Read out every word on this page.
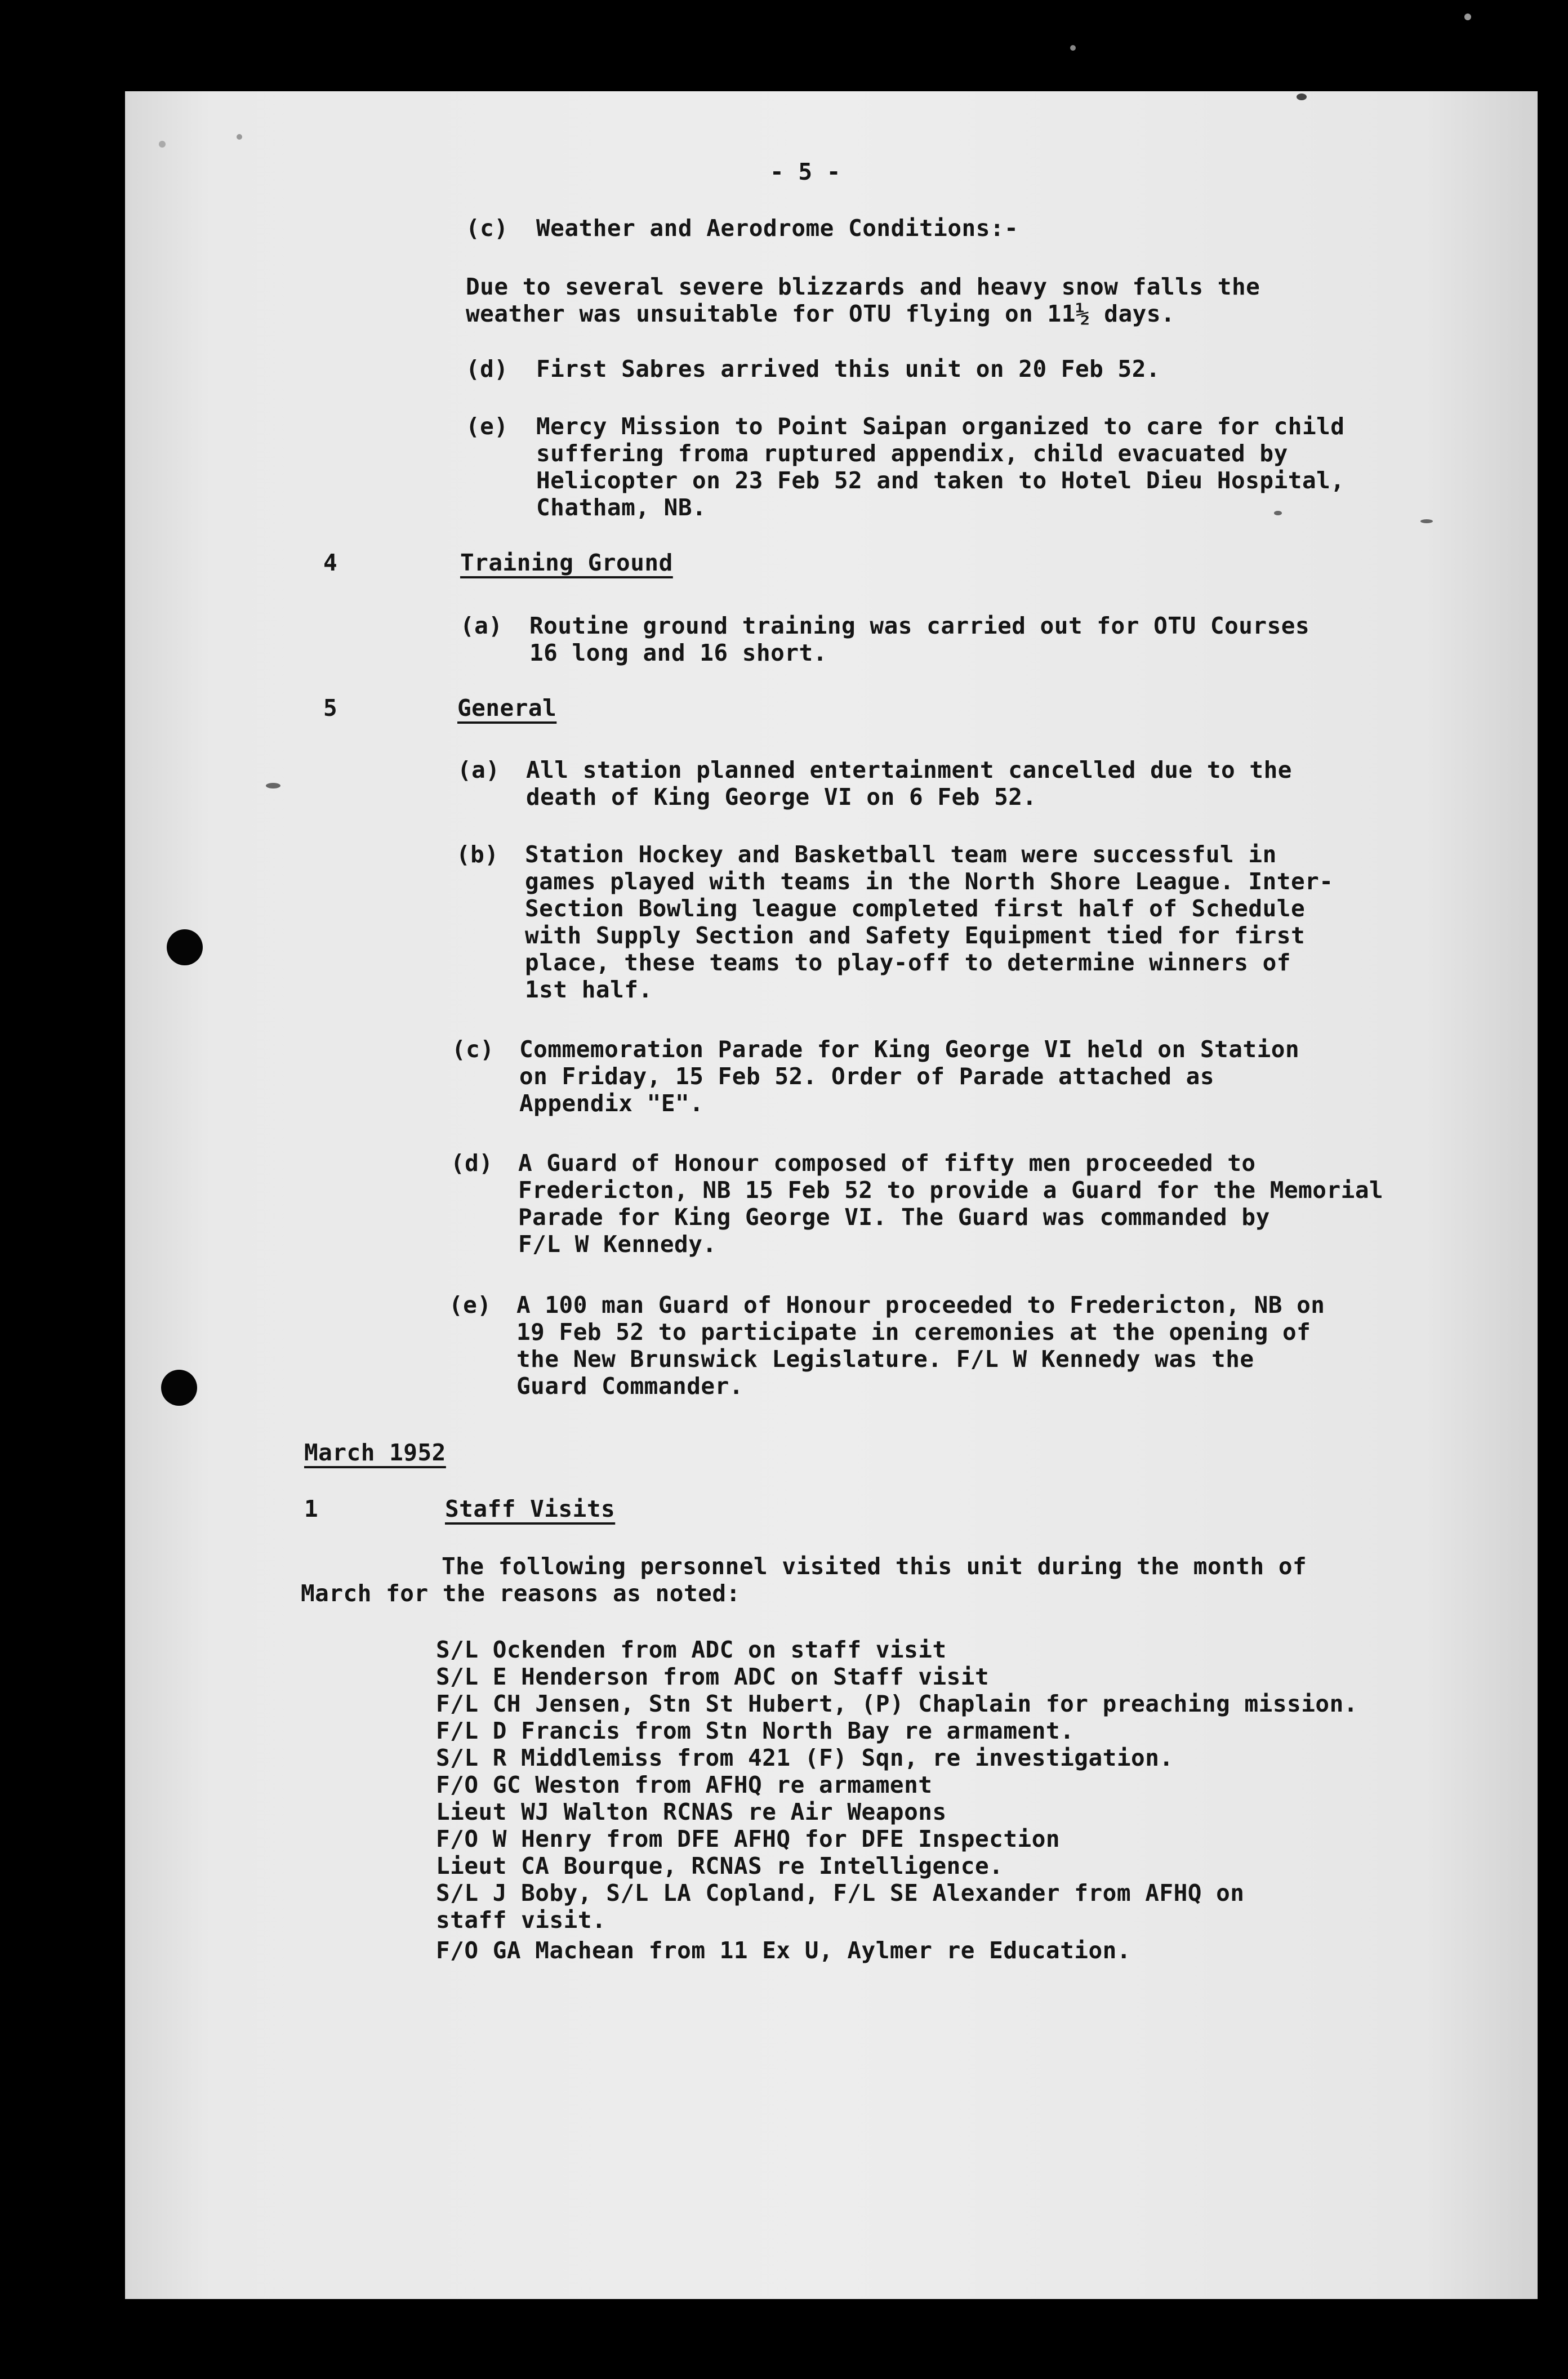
- 5 -
(c) Weather and Aerodrome Conditions:-
Due to several severe blizzards and heavy snow falls the
weather was unsuitable for OTU flying on 11½ days.
(d) First Sabres arrived this unit on 20 Feb 52.
(e) Mercy Mission to Point Saipan organized to care for child
suffering froma ruptured appendix, child evacuated by
Helicopter on 23 Feb 52 and taken to Hotel Dieu Hospital,
Chatham, NB.
4	Training Ground
(a) Routine ground training was carried out for OTU Courses
16 long and 16 short.
5	General
(a) All station planned entertainment cancelled due to the
death of King George VI on 6 Feb 52.
(b) Station Hockey and Basketball team were successful in
games played with teams in the North Shore League. Inter-
Section Bowling league completed first half of Schedule
with Supply Section and Safety Equipment tied for first
place, these teams to play-off to determine winners of
1st half.
(c) Commemoration Parade for King George VI held on Station
on Friday, 15 Feb 52. Order of Parade attached as
Appendix "E".
(d) A Guard of Honour composed of fifty men proceeded to
Fredericton, NB 15 Feb 52 to provide a Guard for the Memorial
Parade for King George VI. The Guard was commanded by
F/L W Kennedy.
(e) A 100 man Guard of Honour proceeded to Fredericton, NB on
19 Feb 52 to participate in ceremonies at the opening of
the New Brunswick Legislature. F/L W Kennedy was the
Guard Commander.
March 1952
1	Staff Visits
The following personnel visited this unit during the month of
March for the reasons as noted:
S/L Ockenden from ADC on staff visit
S/L E Henderson from ADC on Staff visit
F/L CH Jensen, Stn St Hubert, (P) Chaplain for preaching mission.
F/L D Francis from Stn North Bay re armament.
S/L R Middlemiss from 421 (F) Sqn, re investigation.
F/O GC Weston from AFHQ re armament
Lieut WJ Walton RCNAS re Air Weapons
F/O W Henry from DFE AFHQ for DFE Inspection
Lieut CA Bourque, RCNAS re Intelligence.
S/L J Boby, S/L LA Copland, F/L SE Alexander from AFHQ on
staff visit.
F/O GA Machean from 11 Ex U, Aylmer re Education.
